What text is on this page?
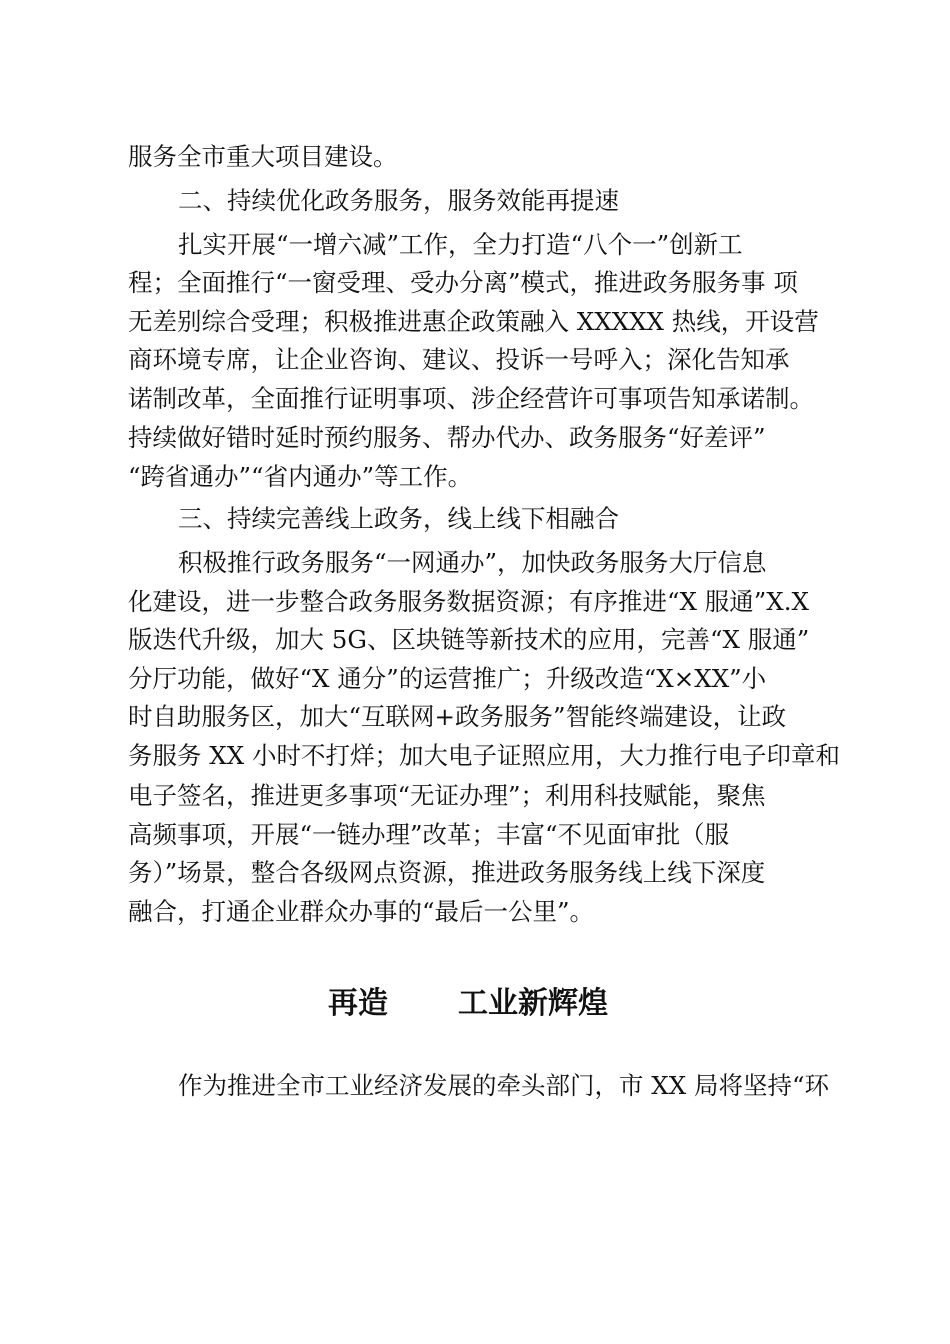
服务全市重大项目建设。
二、持续优化政务服务，服务效能再提速
扎实开展“一增六减”工作，全力打造“八个一”创新工
程；全面推行“一窗受理、受办分离”模式，推进政务服务事 项
无差别综合受理；积极推进惠企政策融入 XXXXX 热线，开设营
商环境专席，让企业咨询、建议、投诉一号呼入；深化告知承
诺制改革，全面推行证明事项、涉企经营许可事项告知承诺制。
持续做好错时延时预约服务、帮办代办、政务服务“好差评”
“跨省通办”“省内通办”等工作。
三、持续完善线上政务，线上线下相融合
积极推行政务服务“一网通办”，加快政务服务大厅信息
化建设，进一步整合政务服务数据资源；有序推进“X 服通”X.X
版迭代升级，加大 5G、区块链等新技术的应用，完善“X 服通”
分厅功能，做好“X 通分”的运营推广；升级改造“X×XX”小
时自助服务区，加大“互联网+政务服务”智能终端建设，让政
务服务 XX 小时不打烊；加大电子证照应用，大力推行电子印章和
电子签名，推进更多事项“无证办理”；利用科技赋能，聚焦
高频事项，开展“一链办理”改革；丰富“不见面审批（服
务）”场景，整合各级网点资源，推进政务服务线上线下深度
融合，打通企业群众办事的“最后一公里”。
再造 工业新辉煌
作为推进全市工业经济发展的牵头部门，市 XX 局将坚持“环
